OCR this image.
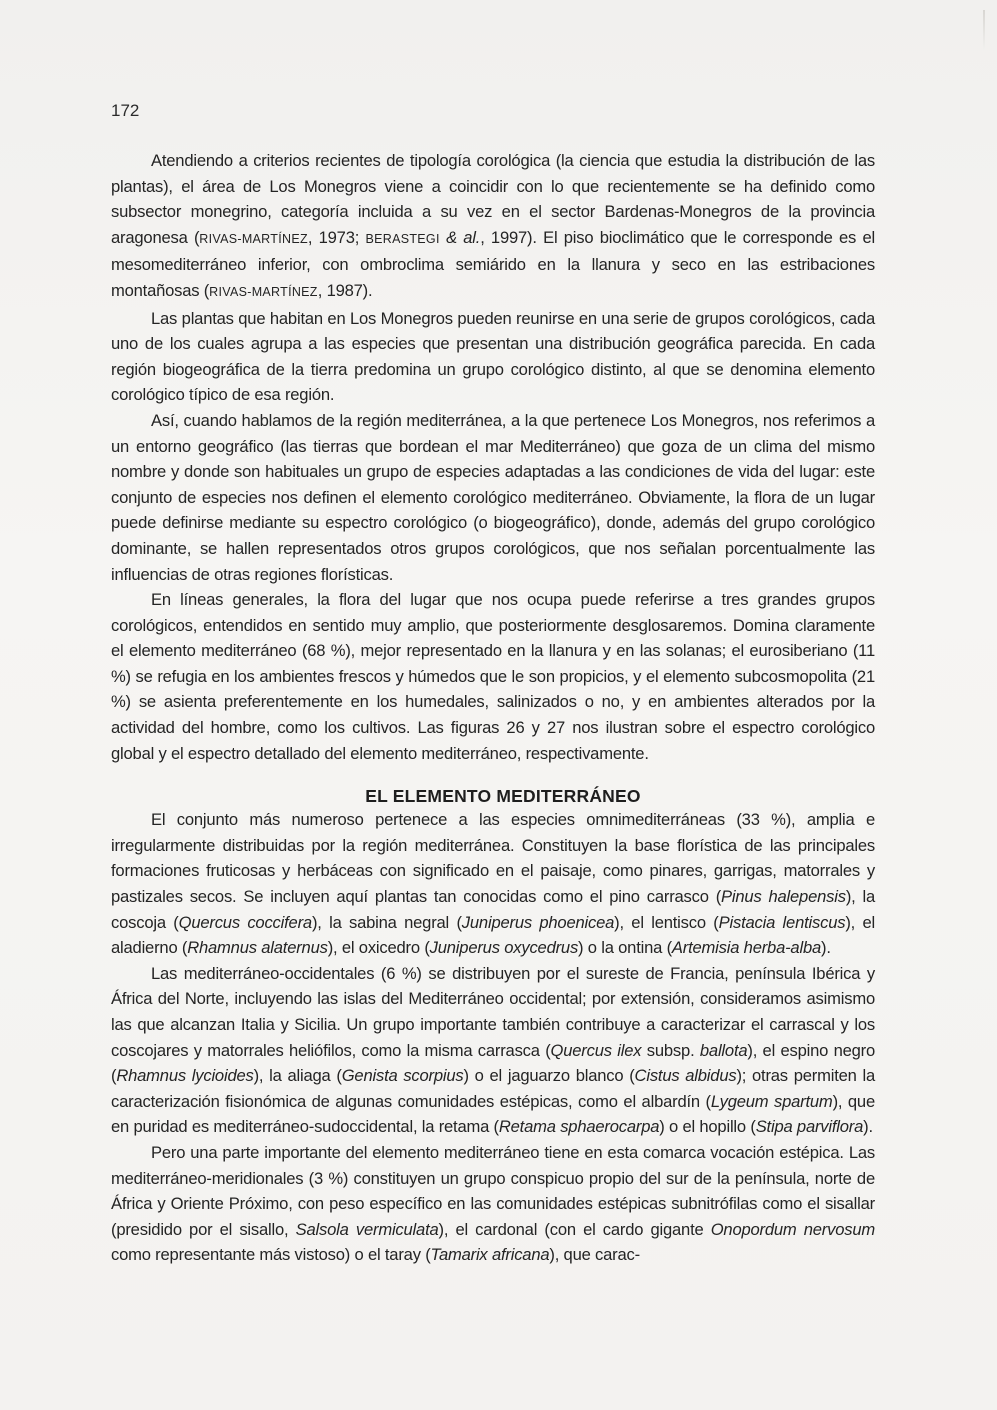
172

Atendiendo a criterios recientes de tipología corológica (la ciencia que estudia la distribución de las plantas), el área de Los Monegros viene a coincidir con lo que recientemente se ha definido como subsector monegrino, categoría incluida a su vez en el sector Bardenas-Monegros de la provincia aragonesa (RIVAS-MARTÍNEZ, 1973; BERASTEGI & al., 1997). El piso bioclimático que le corresponde es el mesomediterráneo inferior, con ombroclima semiárido en la llanura y seco en las estribaciones montañosas (RIVAS-MARTÍNEZ, 1987).

Las plantas que habitan en Los Monegros pueden reunirse en una serie de grupos corológicos, cada uno de los cuales agrupa a las especies que presentan una distribución geográfica parecida. En cada región biogeográfica de la tierra predomina un grupo corológico distinto, al que se denomina elemento corológico típico de esa región.

Así, cuando hablamos de la región mediterránea, a la que pertenece Los Monegros, nos referimos a un entorno geográfico (las tierras que bordean el mar Mediterráneo) que goza de un clima del mismo nombre y donde son habituales un grupo de especies adaptadas a las condiciones de vida del lugar: este conjunto de especies nos definen el elemento corológico mediterráneo. Obviamente, la flora de un lugar puede definirse mediante su espectro corológico (o biogeográfico), donde, además del grupo corológico dominante, se hallen representados otros grupos corológicos, que nos señalan porcentualmente las influencias de otras regiones florísticas.

En líneas generales, la flora del lugar que nos ocupa puede referirse a tres grandes grupos corológicos, entendidos en sentido muy amplio, que posteriormente desglosaremos. Domina claramente el elemento mediterráneo (68 %), mejor representado en la llanura y en las solanas; el eurosiberiano (11 %) se refugia en los ambientes frescos y húmedos que le son propicios, y el elemento subcosmopolita (21 %) se asienta preferentemente en los humedales, salinizados o no, y en ambientes alterados por la actividad del hombre, como los cultivos. Las figuras 26 y 27 nos ilustran sobre el espectro corológico global y el espectro detallado del elemento mediterráneo, respectivamente.

EL ELEMENTO MEDITERRÁNEO

El conjunto más numeroso pertenece a las especies omnimediterráneas (33 %), amplia e irregularmente distribuidas por la región mediterránea. Constituyen la base florística de las principales formaciones fruticosas y herbáceas con significado en el paisaje, como pinares, garrigas, matorrales y pastizales secos. Se incluyen aquí plantas tan conocidas como el pino carrasco (Pinus halepensis), la coscoja (Quercus coccifera), la sabina negral (Juniperus phoenicea), el lentisco (Pistacia lentiscus), el aladierno (Rhamnus alaternus), el oxicedro (Juniperus oxycedrus) o la ontina (Artemisia herba-alba).

Las mediterráneo-occidentales (6 %) se distribuyen por el sureste de Francia, península Ibérica y África del Norte, incluyendo las islas del Mediterráneo occidental; por extensión, consideramos asimismo las que alcanzan Italia y Sicilia. Un grupo importante también contribuye a caracterizar el carrascal y los coscojares y matorrales heliófilos, como la misma carrasca (Quercus ilex subsp. ballota), el espino negro (Rhamnus lycioides), la aliaga (Genista scorpius) o el jaguarzo blanco (Cistus albidus); otras permiten la caracterización fisionómica de algunas comunidades estépicas, como el albardín (Lygeum spartum), que en puridad es mediterráneo-sudoccidental, la retama (Retama sphaerocarpa) o el hopillo (Stipa parviflora).

Pero una parte importante del elemento mediterráneo tiene en esta comarca vocación estépica. Las mediterráneo-meridionales (3 %) constituyen un grupo conspicuo propio del sur de la península, norte de África y Oriente Próximo, con peso específico en las comunidades estépicas subnitrófilas como el sisallar (presidido por el sisallo, Salsola vermiculata), el cardonal (con el cardo gigante Onopordum nervosum como representante más vistoso) o el taray (Tamarix africana), que carac-
